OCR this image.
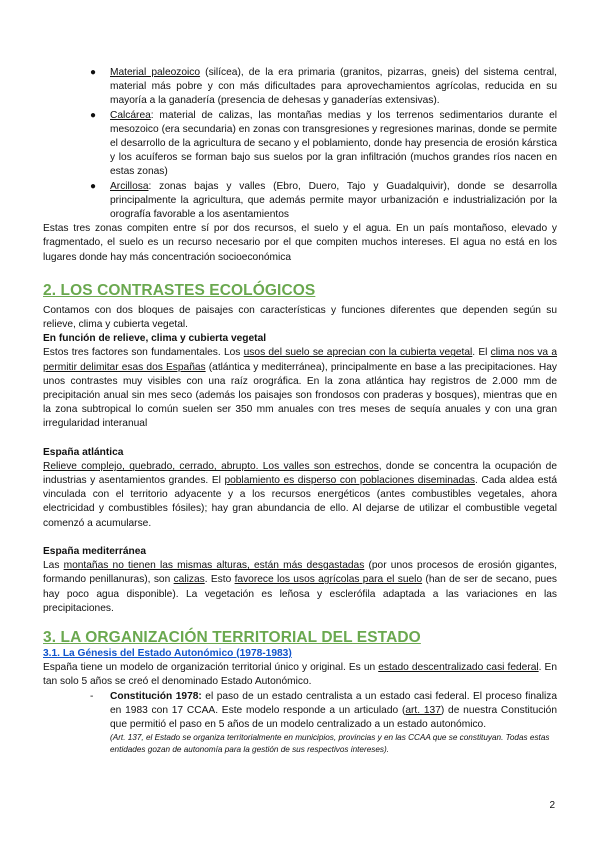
● Material paleozoico (silícea), de la era primaria (granitos, pizarras, gneis) del sistema central, material más pobre y con más dificultades para aprovechamientos agrícolas, reducida en su mayoría a la ganadería (presencia de dehesas y ganaderías extensivas).

● Calcárea: material de calizas, las montañas medias y los terrenos sedimentarios durante el mesozoico (era secundaria) en zonas con transgresiones y regresiones marinas, donde se permite el desarrollo de la agricultura de secano y el poblamiento, donde hay presencia de erosión kárstica y los acuíferos se forman bajo sus suelos por la gran infiltración (muchos grandes ríos nacen en estas zonas)

● Arcillosa: zonas bajas y valles (Ebro, Duero, Tajo y Guadalquivir), donde se desarrolla principalmente la agricultura, que además permite mayor urbanización e industrialización por la orografía favorable a los asentamientos

Estas tres zonas compiten entre sí por dos recursos, el suelo y el agua. En un país montañoso, elevado y fragmentado, el suelo es un recurso necesario por el que compiten muchos intereses. El agua no está en los lugares donde hay más concentración socioeconómica

2. LOS CONTRASTES ECOLÓGICOS

Contamos con dos bloques de paisajes con características y funciones diferentes que dependen según su relieve, clima y cubierta vegetal.

En función de relieve, clima y cubierta vegetal

Estos tres factores son fundamentales. Los usos del suelo se aprecian con la cubierta vegetal. El clima nos va a permitir delimitar esas dos Españas (atlántica y mediterránea), principalmente en base a las precipitaciones. Hay unos contrastes muy visibles con una raíz orográfica. En la zona atlántica hay registros de 2.000 mm de precipitación anual sin mes seco (además los paisajes son frondosos con praderas y bosques), mientras que en la zona subtropical lo común suelen ser 350 mm anuales con tres meses de sequía anuales y con una gran irregularidad interanual

España atlántica

Relieve complejo, quebrado, cerrado, abrupto. Los valles son estrechos, donde se concentra la ocupación de industrias y asentamientos grandes. El poblamiento es disperso con poblaciones diseminadas. Cada aldea está vinculada con el territorio adyacente y a los recursos energéticos (antes combustibles vegetales, ahora electricidad y combustibles fósiles); hay gran abundancia de ello. Al dejarse de utilizar el combustible vegetal comenzó a acumularse.

España mediterránea

Las montañas no tienen las mismas alturas, están más desgastadas (por unos procesos de erosión gigantes, formando penillanuras), son calizas. Esto favorece los usos agrícolas para el suelo (han de ser de secano, pues hay poco agua disponible). La vegetación es leñosa y esclerófila adaptada a las variaciones en las precipitaciones.

3. LA ORGANIZACIÓN TERRITORIAL DEL ESTADO

3.1. La Génesis del Estado Autonómico (1978-1983)

España tiene un modelo de organización territorial único y original. Es un estado descentralizado casi federal. En tan solo 5 años se creó el denominado Estado Autonómico.

- Constitución 1978: el paso de un estado centralista a un estado casi federal. El proceso finaliza en 1983 con 17 CCAA. Este modelo responde a un articulado (art. 137) de nuestra Constitución que permitió el paso en 5 años de un modelo centralizado a un estado autonómico.

(Art. 137, el Estado se organiza territorialmente en municipios, provincias y en las CCAA que se constituyan. Todas estas entidades gozan de autonomía para la gestión de sus respectivos intereses).

2
